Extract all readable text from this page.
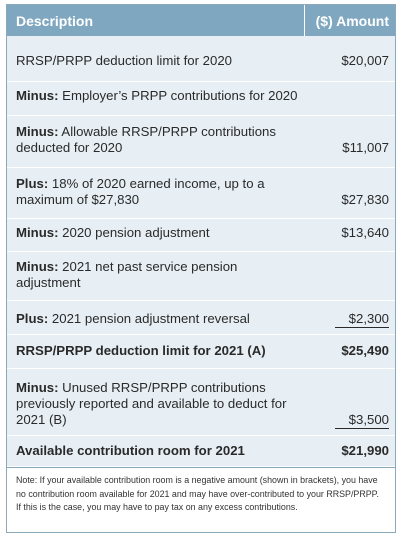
Description	($) Amount
RRSP/PRPP deduction limit for 2020	$20,007
Minus: Employer’s PRPP contributions for 2020
Minus: Allowable RRSP/PRPP contributions deducted for 2020	$11,007
Plus: 18% of 2020 earned income, up to a maximum of $27,830	$27,830
Minus: 2020 pension adjustment	$13,640
Minus: 2021 net past service pension adjustment
Plus: 2021 pension adjustment reversal	$2,300
RRSP/PRPP deduction limit for 2021 (A)	$25,490
Minus: Unused RRSP/PRPP contributions previously reported and available to deduct for 2021 (B)	$3,500
Available contribution room for 2021	$21,990
Note: If your available contribution room is a negative amount (shown in brackets), you have no contribution room available for 2021 and may have over-contributed to your RRSP/PRPP. If this is the case, you may have to pay tax on any excess contributions.
